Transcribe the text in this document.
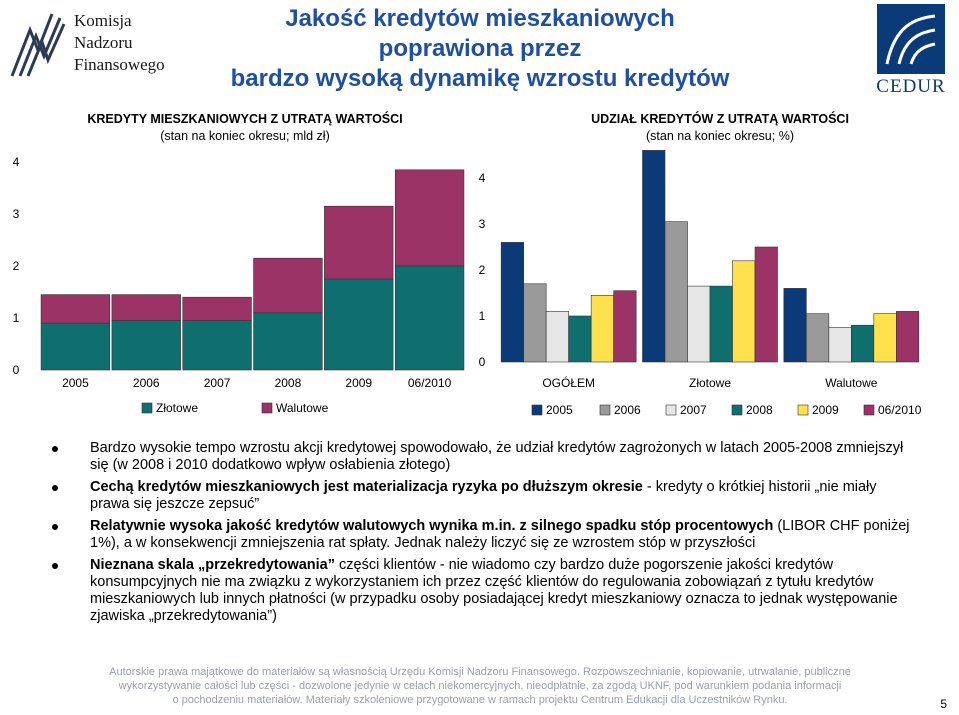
Komisja
Nadzoru
Finansowego
CEDUR
Jakość kredytów mieszkaniowych
poprawiona przez
bardzo wysoką dynamikę wzrostu kredytów
KREDYTY MIESZKANIOWYCH Z UTRATĄ WARTOŚCI
(stan na koniec okresu; mld zł)
UDZIAŁ KREDYTÓW Z UTRATĄ WARTOŚCI
(stan na koniec okresu; %)
0
1
2
3
4
2005	2006	2007	2008	2009	06/2010
Złotowe	Walutowe
0
1
2
3
4
OGÓŁEM	Złotowe	Walutowe
2005	2006	2007	2008	2009	06/2010
Bardzo wysokie tempo wzrostu akcji kredytowej spowodowało, że udział kredytów zagrożonych w latach 2005-2008 zmniejszył się (w 2008 i 2010 dodatkowo wpływ osłabienia złotego)
Cechą kredytów mieszkaniowych jest materializacja ryzyka po dłuższym okresie - kredyty o krótkiej historii „nie miały prawa się jeszcze zepsuć”
Relatywnie wysoka jakość kredytów walutowych wynika m.in. z silnego spadku stóp procentowych (LIBOR CHF poniżej 1%), a w konsekwencji zmniejszenia rat spłaty. Jednak należy liczyć się ze wzrostem stóp w przyszłości
Nieznana skala „przekredytowania” części klientów - nie wiadomo czy bardzo duże pogorszenie jakości kredytów konsumpcyjnych nie ma związku z wykorzystaniem ich przez część klientów do regulowania zobowiązań z tytułu kredytów mieszkaniowych lub innych płatności (w przypadku osoby posiadającej kredyt mieszkaniowy oznacza to jednak występowanie zjawiska „przekredytowania”)
Autorskie prawa majątkowe do materiałów są własnością Urzędu Komisji Nadzoru Finansowego. Rozpowszechnianie, kopiowanie, utrwalanie, publiczne
wykorzystywanie całości lub części - dozwolone jedynie w celach niekomercyjnych, nieodpłatnie, za zgodą UKNF, pod warunkiem podania informacji
o pochodzeniu materiałów. Materiały szkoleniowe przygotowane w ramach projektu Centrum Edukacji dla Uczestników Rynku.	5
